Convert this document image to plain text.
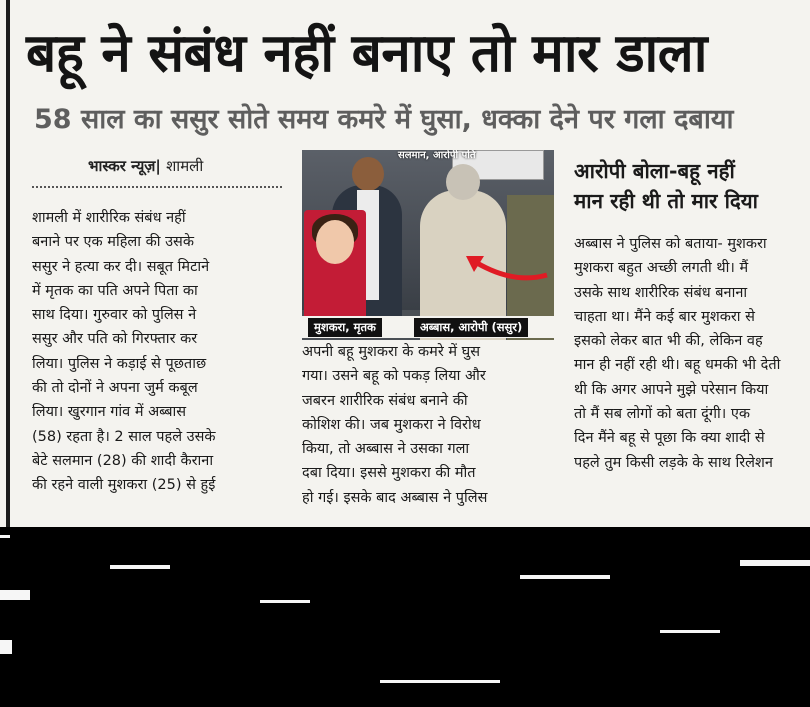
बहू ने संबंध नहीं बनाए तो मार डाला
58 साल का ससुर सोते समय कमरे में घुसा, धक्का देने पर गला दबाया
भास्कर न्यूज़| शामली
शामली में शारीरिक संबंध नहीं
बनाने पर एक महिला की उसके
ससुर ने हत्या कर दी। सबूत मिटाने
में मृतक का पति अपने पिता का
साथ दिया। गुरुवार को पुलिस ने
ससुर और पति को गिरफ्तार कर
लिया। पुलिस ने कड़ाई से पूछताछ
की तो दोनों ने अपना जुर्म कबूल
लिया। खुरगान गांव में अब्बास
(58) रहता है। 2 साल पहले उसके
बेटे सलमान (28) की शादी कैराना
की रहने वाली मुशकरा (25) से हुई
सलमान, आरोपी पति
मुशकरा, मृतक	अब्बास, आरोपी (ससुर)
अपनी बहू मुशकरा के कमरे में घुस
गया। उसने बहू को पकड़ लिया और
जबरन शारीरिक संबंध बनाने की
कोशिश की। जब मुशकरा ने विरोध
किया, तो अब्बास ने उसका गला
दबा दिया। इससे मुशकरा की मौत
हो गई। इसके बाद अब्बास ने पुलिस
आरोपी बोला-बहू नहीं
मान रही थी तो मार दिया
अब्बास ने पुलिस को बताया- मुशकरा
मुशकरा बहुत अच्छी लगती थी। मैं
उसके साथ शारीरिक संबंध बनाना
चाहता था। मैंने कई बार मुशकरा से
इसको लेकर बात भी की, लेकिन वह
मान ही नहीं रही थी। बहू धमकी भी देती
थी कि अगर आपने मुझे परेसान किया
तो मैं सब लोगों को बता दूंगी। एक
दिन मैंने बहू से पूछा कि क्या शादी से
पहले तुम किसी लड़के के साथ रिलेशन
